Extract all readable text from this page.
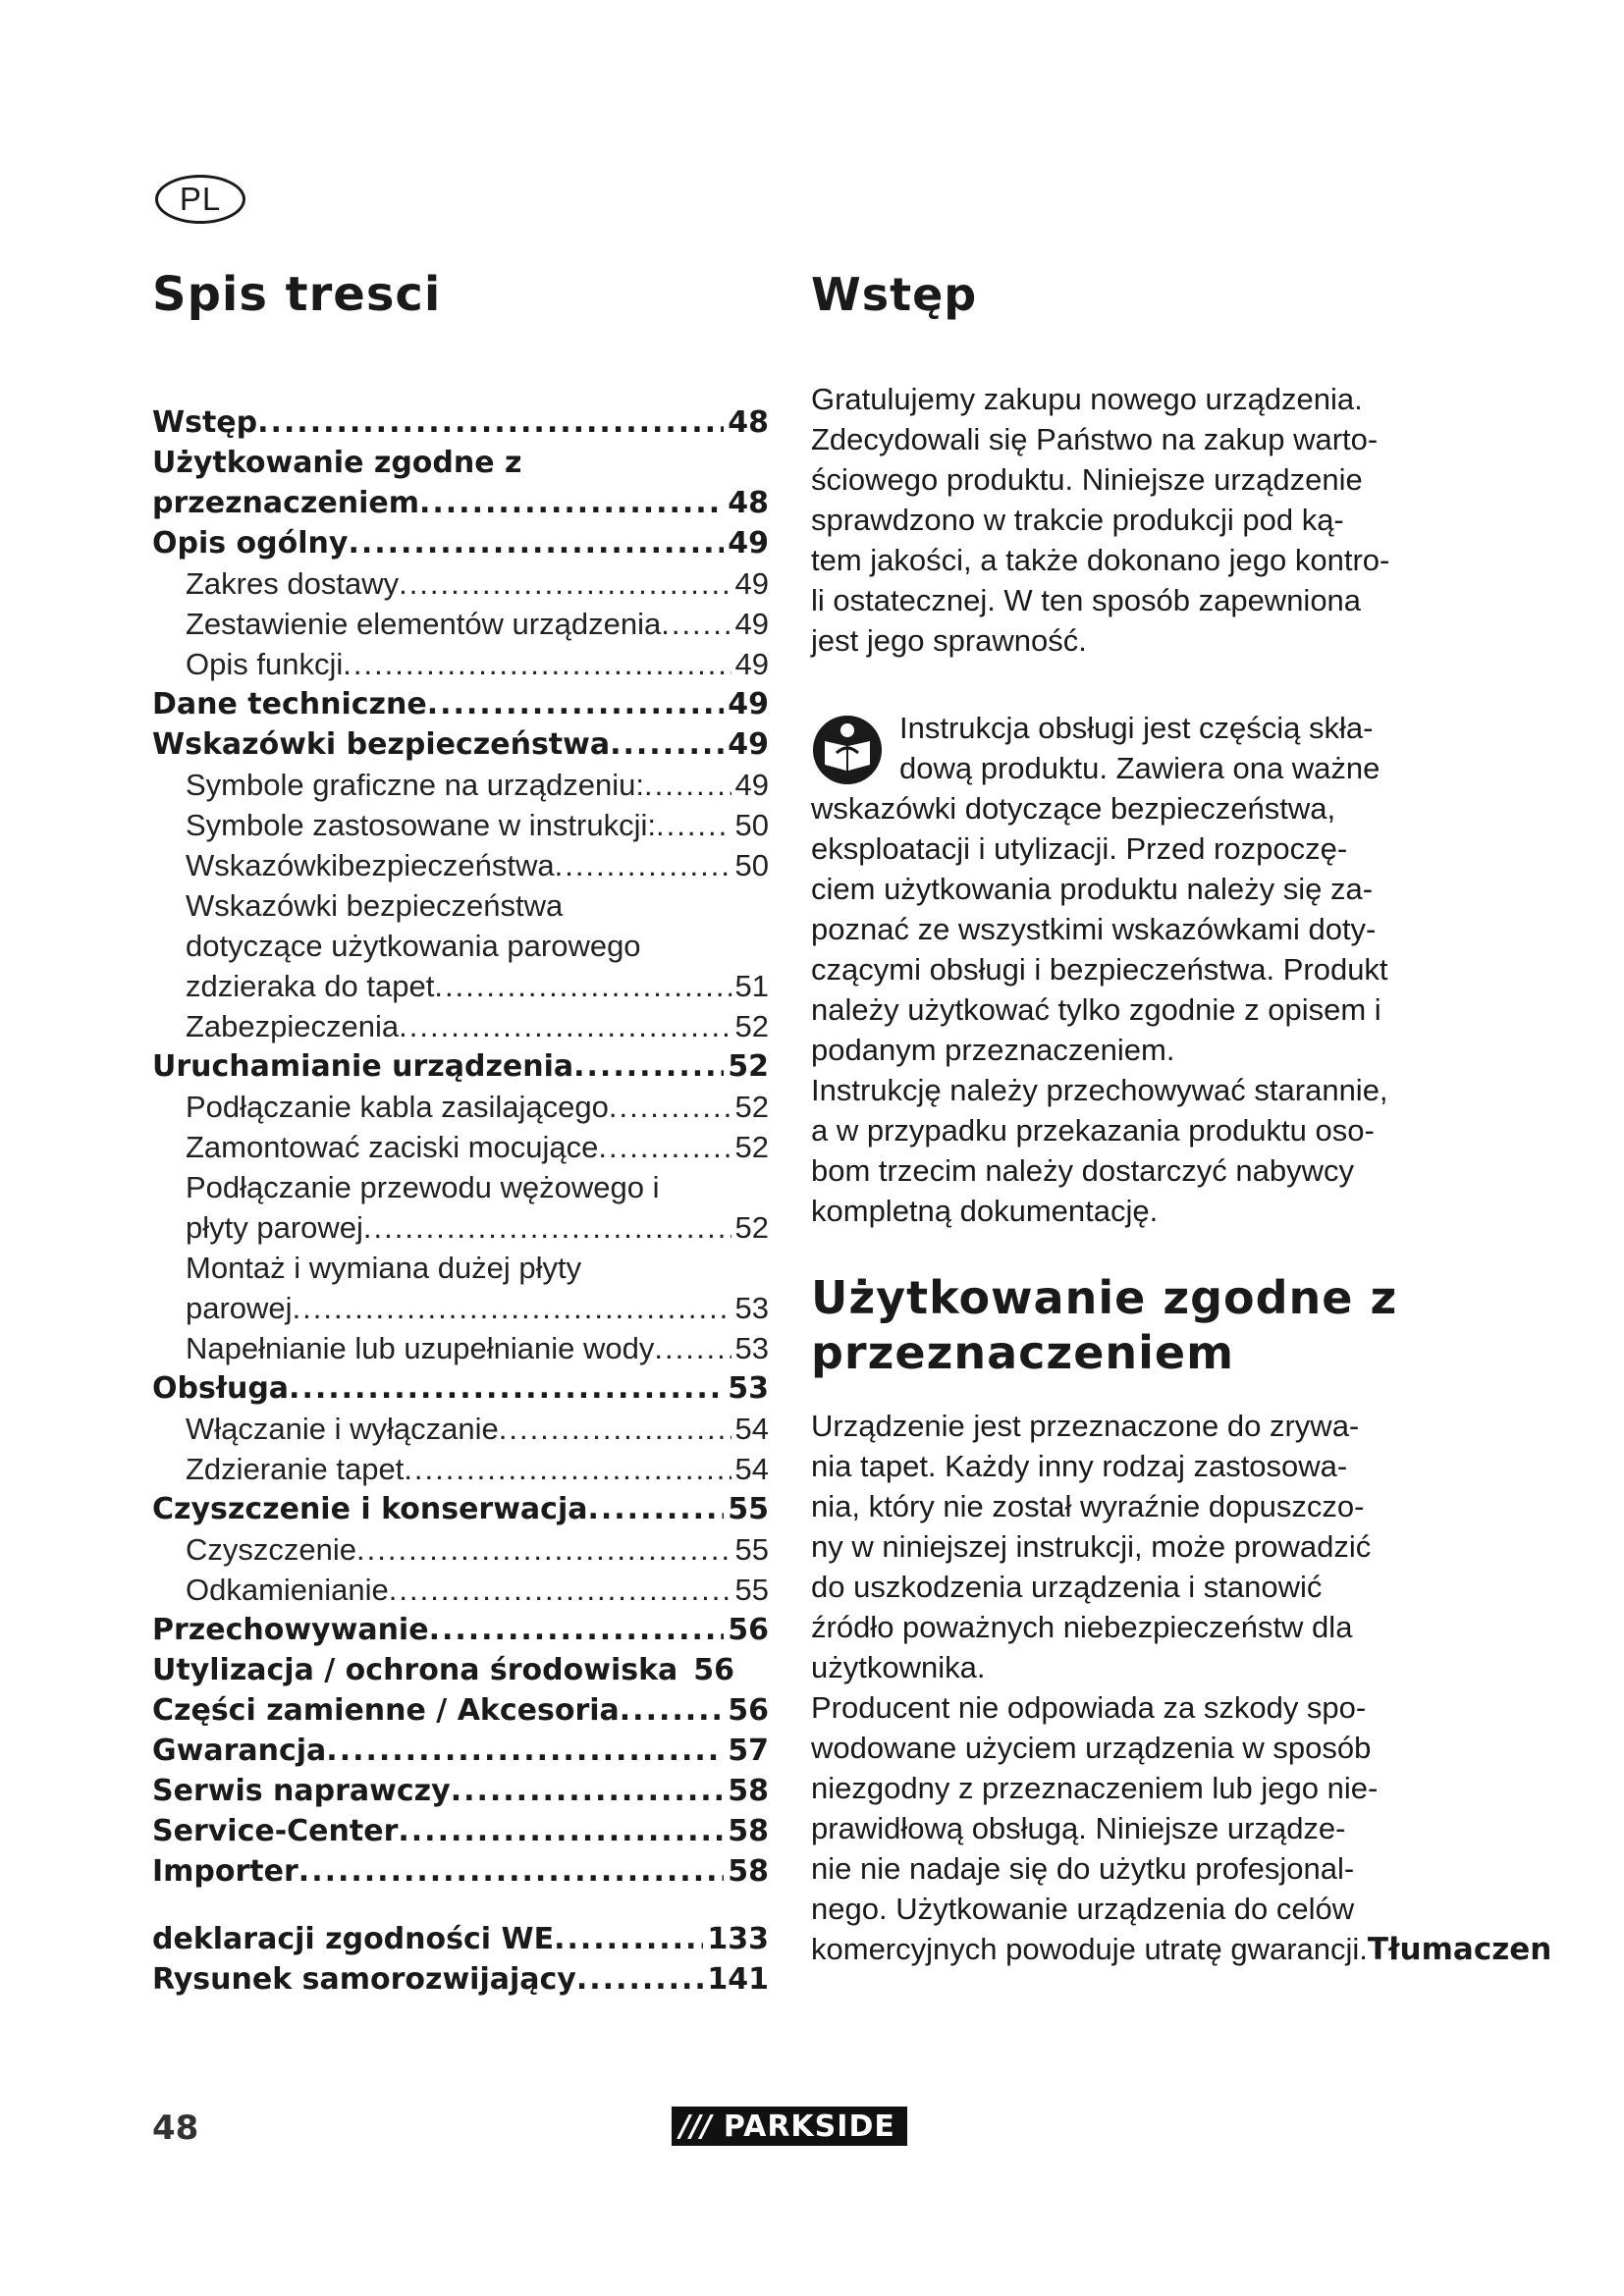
PL
Spis tresci
Wstęp .....	48
Użytkowanie zgodne z
przeznaczeniem .....	48
Opis ogólny .....	49
Zakres dostawy .....	49
Zestawienie elementów urządzenia ..... 49
Opis funkcji .....	49
Dane techniczne .....	49
Wskazówki bezpieczeństwa .....	49
Symbole graficzne na urządzeniu: .....	49
Symbole zastosowane w instrukcji: .....	50
Wskazówkibezpieczeństwa .....	50
Wskazówki bezpieczeństwa
dotyczące użytkowania parowego
zdzieraka do tapet .....	51
Zabezpieczenia .....	52
Uruchamianie urządzenia .....	52
Podłączanie kabla zasilającego .....	52
Zamontować zaciski mocujące .....	52
Podłączanie przewodu wężowego i
płyty parowej .....	52
Montaż i wymiana dużej płyty
parowej .....	53
Napełnianie lub uzupełnianie wody .....	53
Obsługa .....	53
Włączanie i wyłączanie .....	54
Zdzieranie tapet .....	54
Czyszczenie i konserwacja .....	55
Czyszczenie .....	55
Odkamienianie .....	55
Przechowywanie .....	56
Utylizacja / ochrona środowiska 56
Części zamienne / Akcesoria .....	56
Gwarancja .....	57
Serwis naprawczy .....	58
Service-Center .....	58
Importer .....	58
deklaracji zgodności WE .....	133
Rysunek samorozwijający .....	141
Wstęp

Gratulujemy zakupu nowego urządzenia.
Zdecydowali się Państwo na zakup warto-
ściowego produktu. Niniejsze urządzenie
sprawdzono w trakcie produkcji pod ką-
tem jakości, a także dokonano jego kontro-
li ostatecznej. W ten sposób zapewniona
jest jego sprawność.

Instrukcja obsługi jest częścią skła-
dową produktu. Zawiera ona ważne
wskazówki dotyczące bezpieczeństwa,
eksploatacji i utylizacji. Przed rozpoczę-
ciem użytkowania produktu należy się za-
poznać ze wszystkimi wskazówkami doty-
czącymi obsługi i bezpieczeństwa. Produkt
należy użytkować tylko zgodnie z opisem i
podanym przeznaczeniem.
Instrukcję należy przechowywać starannie,
a w przypadku przekazania produktu oso-
bom trzecim należy dostarczyć nabywcy
kompletną dokumentację.

Użytkowanie zgodne z
przeznaczeniem

Urządzenie jest przeznaczone do zrywa-
nia tapet. Każdy inny rodzaj zastosowa-
nia, który nie został wyraźnie dopuszczo-
ny w niniejszej instrukcji, może prowadzić
do uszkodzenia urządzenia i stanowić
źródło poważnych niebezpieczeństw dla
użytkownika.
Producent nie odpowiada za szkody spo-
wodowane użyciem urządzenia w sposób
niezgodny z przeznaczeniem lub jego nie-
prawidłową obsługą. Niniejsze urządze-
nie nie nadaje się do użytku profesjonal-
nego. Użytkowanie urządzenia do celów

komercyjnych powoduje utratę gwarancji.Tłumaczen

48	/// PARKSIDE
